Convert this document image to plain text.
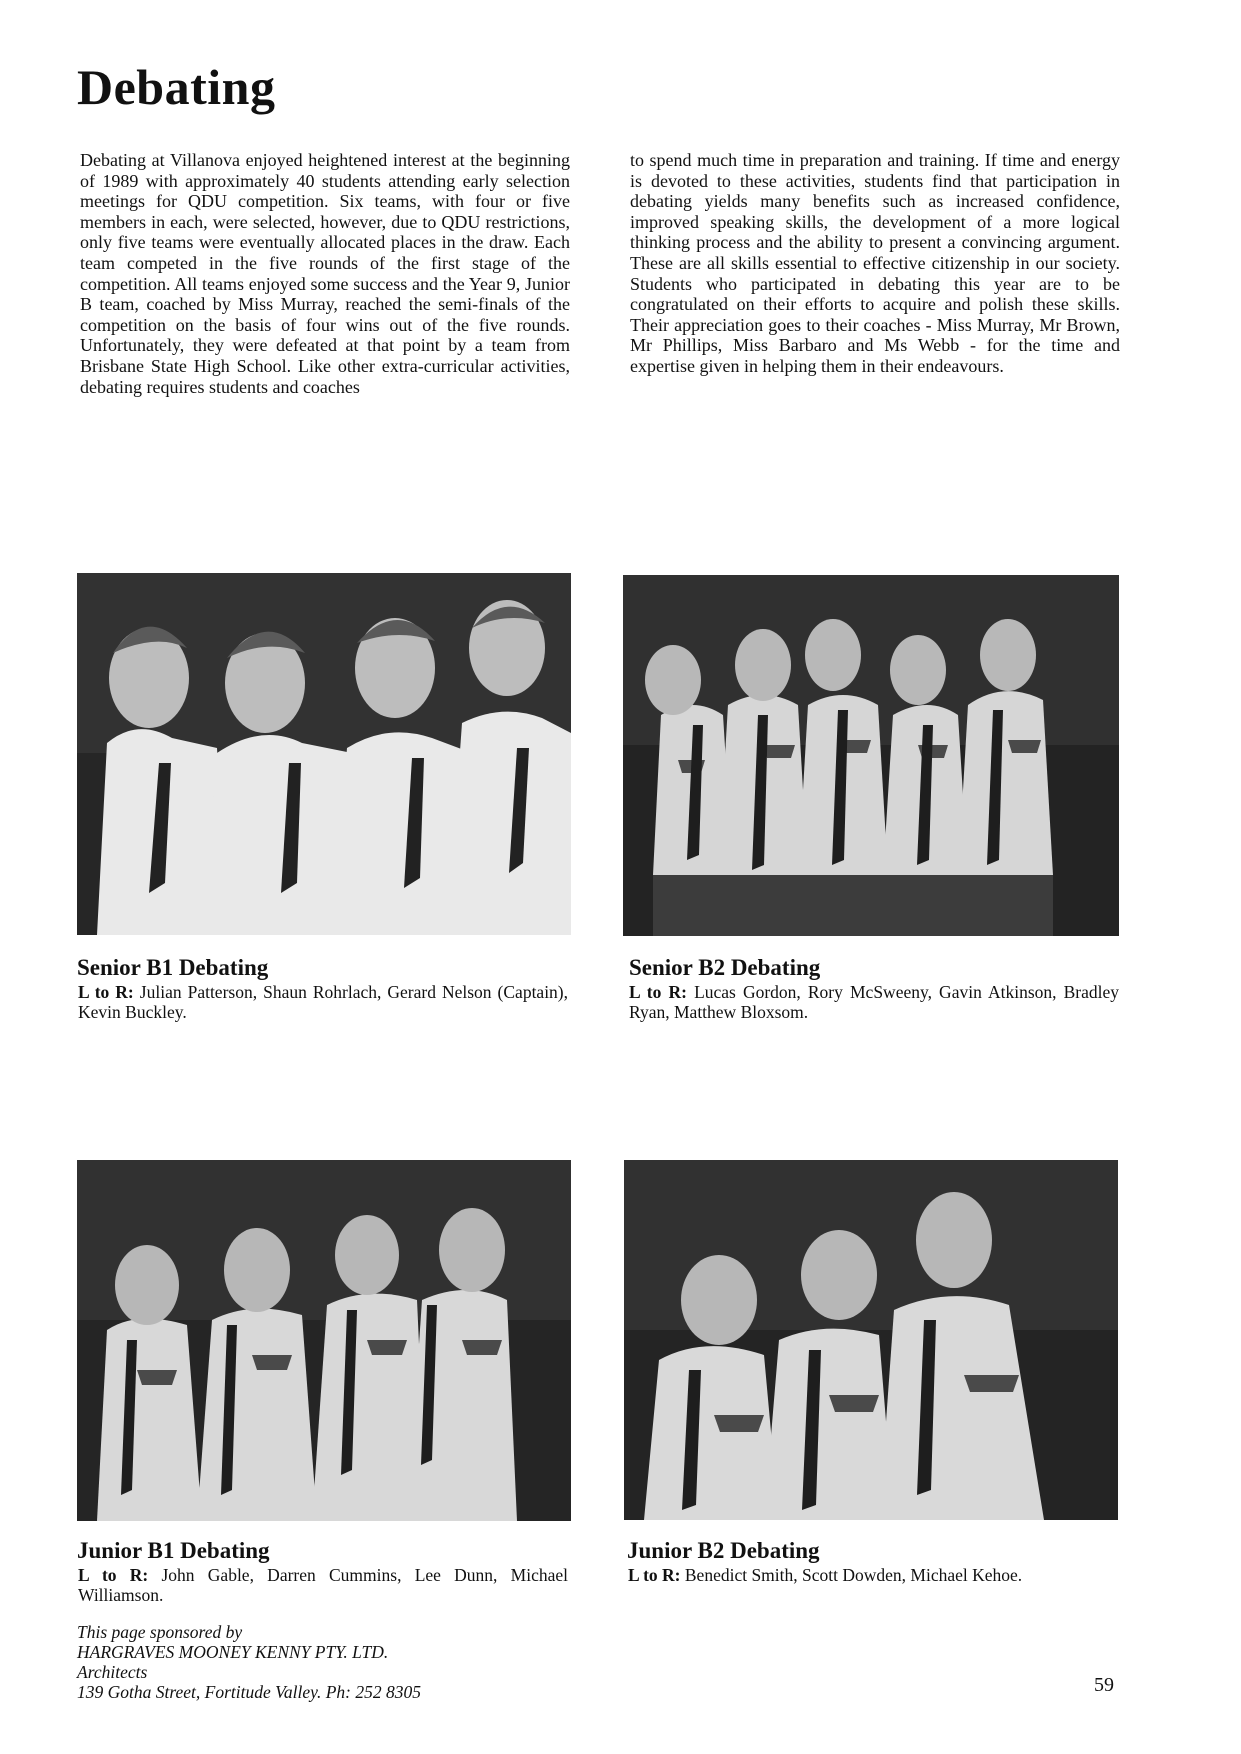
Debating

Debating at Villanova enjoyed heightened interest at the beginning of 1989 with approximately 40 students attending early selection meetings for QDU competition. Six teams, with four or five members in each, were selected, however, due to QDU restrictions, only five teams were eventually allocated places in the draw. Each team competed in the five rounds of the first stage of the competition. All teams enjoyed some success and the Year 9, Junior B team, coached by Miss Murray, reached the semi-finals of the competition on the basis of four wins out of the five rounds. Unfortunately, they were defeated at that point by a team from Brisbane State High School. Like other extra-curricular activities, debating requires students and coaches

to spend much time in preparation and training. If time and energy is devoted to these activities, students find that participation in debating yields many benefits such as increased confidence, improved speaking skills, the development of a more logical thinking process and the ability to present a convincing argument. These are all skills essential to effective citizenship in our society. Students who participated in debating this year are to be congratulated on their efforts to acquire and polish these skills. Their appreciation goes to their coaches - Miss Murray, Mr Brown, Mr Phillips, Miss Barbaro and Ms Webb - for the time and expertise given in helping them in their endeavours.

Senior B1 Debating

L to R: Julian Patterson, Shaun Rohrlach, Gerard Nelson (Captain), Kevin Buckley.

Senior B2 Debating

L to R: Lucas Gordon, Rory McSweeny, Gavin Atkinson, Bradley Ryan, Matthew Bloxsom.

Junior B1 Debating

L to R: John Gable, Darren Cummins, Lee Dunn, Michael Williamson.

Junior B2 Debating

L to R: Benedict Smith, Scott Dowden, Michael Kehoe.

This page sponsored by
HARGRAVES MOONEY KENNY PTY. LTD.
Architects
139 Gotha Street, Fortitude Valley. Ph: 252 8305	59
